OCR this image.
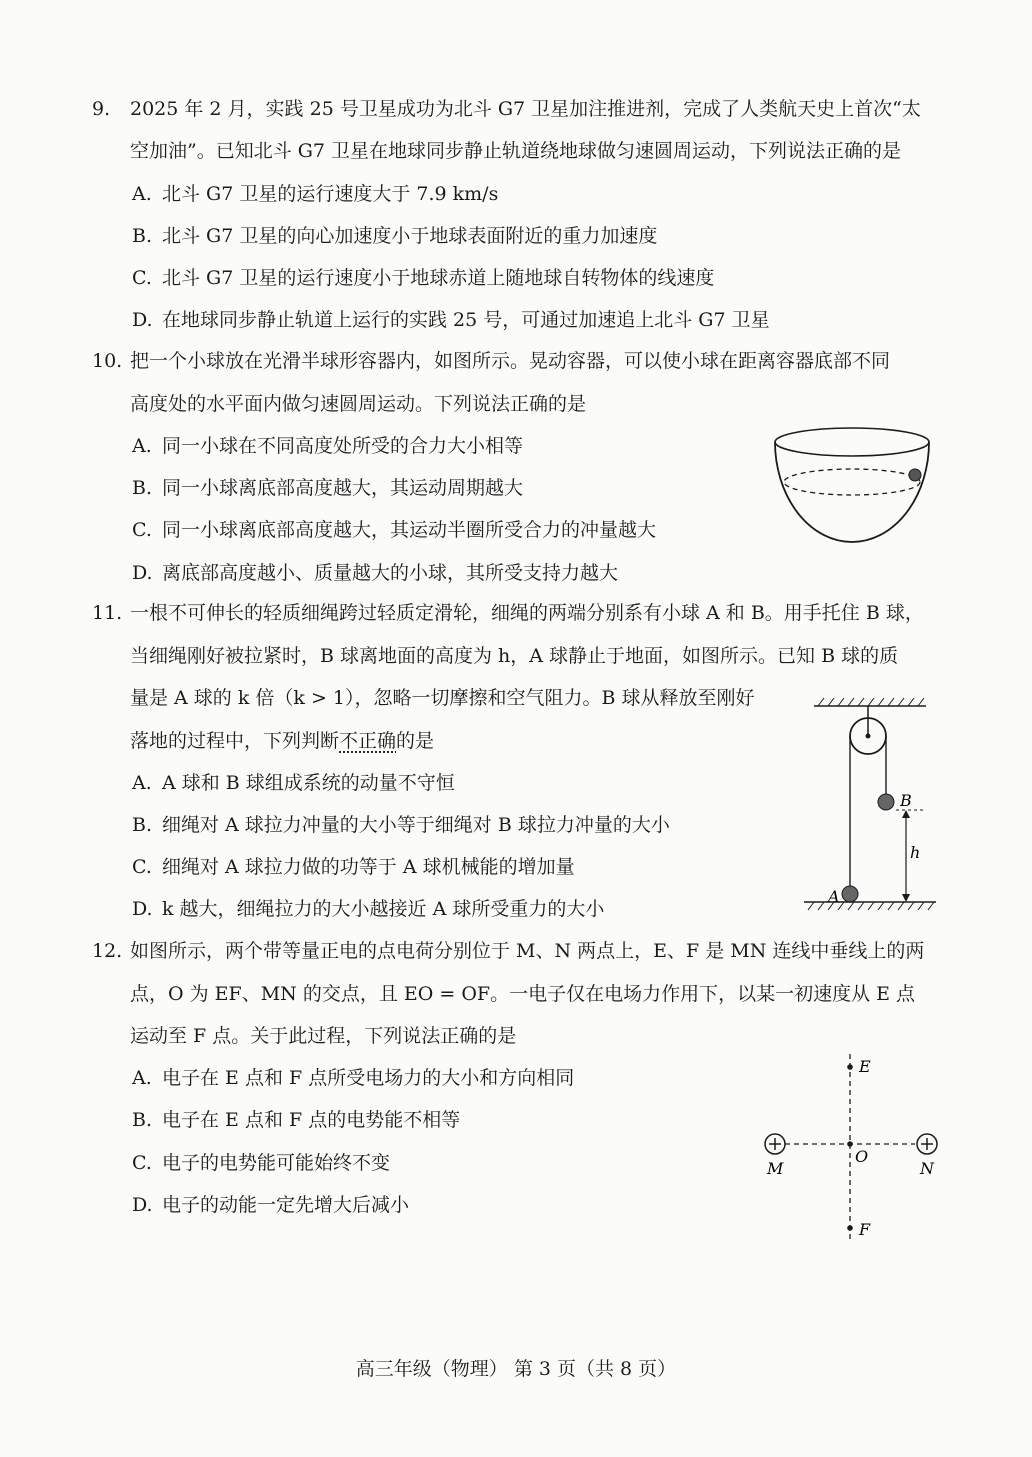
9. 2025 年 2 月，实践 25 号卫星成功为北斗 G7 卫星加注推进剂，完成了人类航天史上首次“太
空加油”。已知北斗 G7 卫星在地球同步静止轨道绕地球做匀速圆周运动，下列说法正确的是
A. 北斗 G7 卫星的运行速度大于 7.9 km/s
B. 北斗 G7 卫星的向心加速度小于地球表面附近的重力加速度
C. 北斗 G7 卫星的运行速度小于地球赤道上随地球自转物体的线速度
D. 在地球同步静止轨道上运行的实践 25 号，可通过加速追上北斗 G7 卫星
10. 把一个小球放在光滑半球形容器内，如图所示。晃动容器，可以使小球在距离容器底部不同
高度处的水平面内做匀速圆周运动。下列说法正确的是
A. 同一小球在不同高度处所受的合力大小相等
B. 同一小球离底部高度越大，其运动周期越大
C. 同一小球离底部高度越大，其运动半圈所受合力的冲量越大
D. 离底部高度越小、质量越大的小球，其所受支持力越大
11. 一根不可伸长的轻质细绳跨过轻质定滑轮，细绳的两端分别系有小球 A 和 B。用手托住 B 球，
当细绳刚好被拉紧时，B 球离地面的高度为 h，A 球静止于地面，如图所示。已知 B 球的质
量是 A 球的 k 倍（k > 1），忽略一切摩擦和空气阻力。B 球从释放至刚好
落地的过程中，下列判断不正确的是
A. A 球和 B 球组成系统的动量不守恒
B. 细绳对 A 球拉力冲量的大小等于细绳对 B 球拉力冲量的大小
C. 细绳对 A 球拉力做的功等于 A 球机械能的增加量
D. k 越大，细绳拉力的大小越接近 A 球所受重力的大小
B
A
h
12. 如图所示，两个带等量正电的点电荷分别位于 M、N 两点上，E、F 是 MN 连线中垂线上的两
点，O 为 EF、MN 的交点，且 EO = OF。一电子仅在电场力作用下，以某一初速度从 E 点
运动至 F 点。关于此过程，下列说法正确的是
A. 电子在 E 点和 F 点所受电场力的大小和方向相同
B. 电子在 E 点和 F 点的电势能不相等
C. 电子的电势能可能始终不变
D. 电子的动能一定先增大后减小
E
O
F
M	N
高三年级（物理） 第 3 页（共 8 页）
